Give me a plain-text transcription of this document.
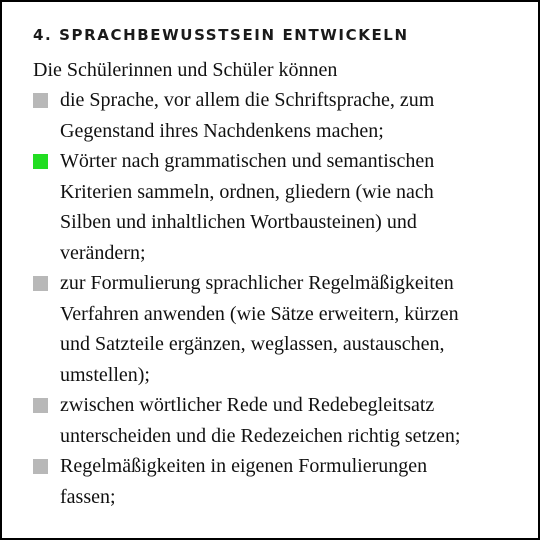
4. SPRACHBEWUSSTSEIN ENTWICKELN
Die Schülerinnen und Schüler können
die Sprache, vor allem die Schriftsprache, zum
Gegenstand ihres Nachdenkens machen;
Wörter nach grammatischen und semantischen
Kriterien sammeln, ordnen, gliedern (wie nach
Silben und inhaltlichen Wortbausteinen) und
verändern;
zur Formulierung sprachlicher Regelmäßigkeiten
Verfahren anwenden (wie Sätze erweitern, kürzen
und Satzteile ergänzen, weglassen, austauschen,
umstellen);
zwischen wörtlicher Rede und Redebegleitsatz
unterscheiden und die Redezeichen richtig setzen;
Regelmäßigkeiten in eigenen Formulierungen
fassen;
